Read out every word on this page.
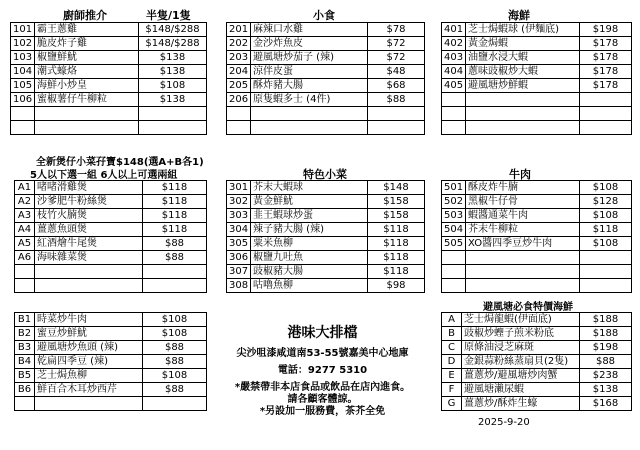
廚師推介	半隻/1隻	小食	海鮮
101	霸王蔥雞	$148/$288
102	脆皮炸子雞	$148/$288
103	椒鹽鮮魷	$138
104	潮式蠔烙	$138
105	海鮮小炒皇	$108
106	蜜椒薯仔牛柳粒	$138

201	麻辣口水雞	$78
202	金沙炸魚皮	$72
203	避風塘炒茄子 (辣)	$72
204	涼伴皮蛋	$48
205	酥炸豬大腸	$68
206	原隻蝦多士 (4件)	$88

401	芝士焗蝦球 (伊麵底)	$198
402	黃金焗蝦	$178
403	油鹽水浸大蝦	$178
404	蔥味豉椒炒大蝦	$178
405	避風塘炒鮮蝦	$178

全新煲仔小菜孖寶$148(選A+B各1)
5人以下選一組 6人以上可選兩組	特色小菜	牛肉
A1	啫啫滑雞煲	$118
A2	沙爹肥牛粉絲煲	$118
A3	枝竹火腩煲	$118
A4	薑蔥魚頭煲	$118
A5	紅酒燴牛尾煲	$88
A6	海味雜菜煲	$88

301	芥末大蝦球	$148
302	黃金鮮魷	$158
303	韭王蝦球炒蛋	$158
304	辣子豬大腸 (辣)	$118
305	粟米魚柳	$118
306	椒鹽九吐魚	$118
307	豉椒豬大腸	$118
308	咕嚕魚柳	$98
501	酥皮炸牛腩	$108
502	黑椒牛仔骨	$128
503	蝦醬通菜牛肉	$108
504	芥末牛柳粒	$118
505	XO醬四季豆炒牛肉	$108

B1	時菜炒牛肉	$108
B2	蜜豆炒鮮魷	$108
B3	避風塘炒魚頭 (辣)	$88
B4	乾扁四季豆 (辣)	$88
B5	芝士焗魚柳	$108
B6	鮮百合木耳炒西芹	$88

港味大排檔
尖沙咀漆咸道南53-55號嘉美中心地庫
電話：9277 5310
*嚴禁帶非本店食品或飲品在店內進食。
請各顧客體諒。
*另設加一服務費，茶芥全免
避風塘必食特價海鮮
A	芝士焗龍蝦(伊面底)	$188
B	豉椒炒蟶子煎米粉底	$188
C	原條油浸芝麻斑	$198
D	金銀蒜粉絲蒸扇貝(2隻)	$88
E	薑蔥炒/避風塘炒肉蟹	$238
F	避風塘瀨尿蝦	$138
G	薑蔥炒/酥炸生蠔	$168
2025-9-20
